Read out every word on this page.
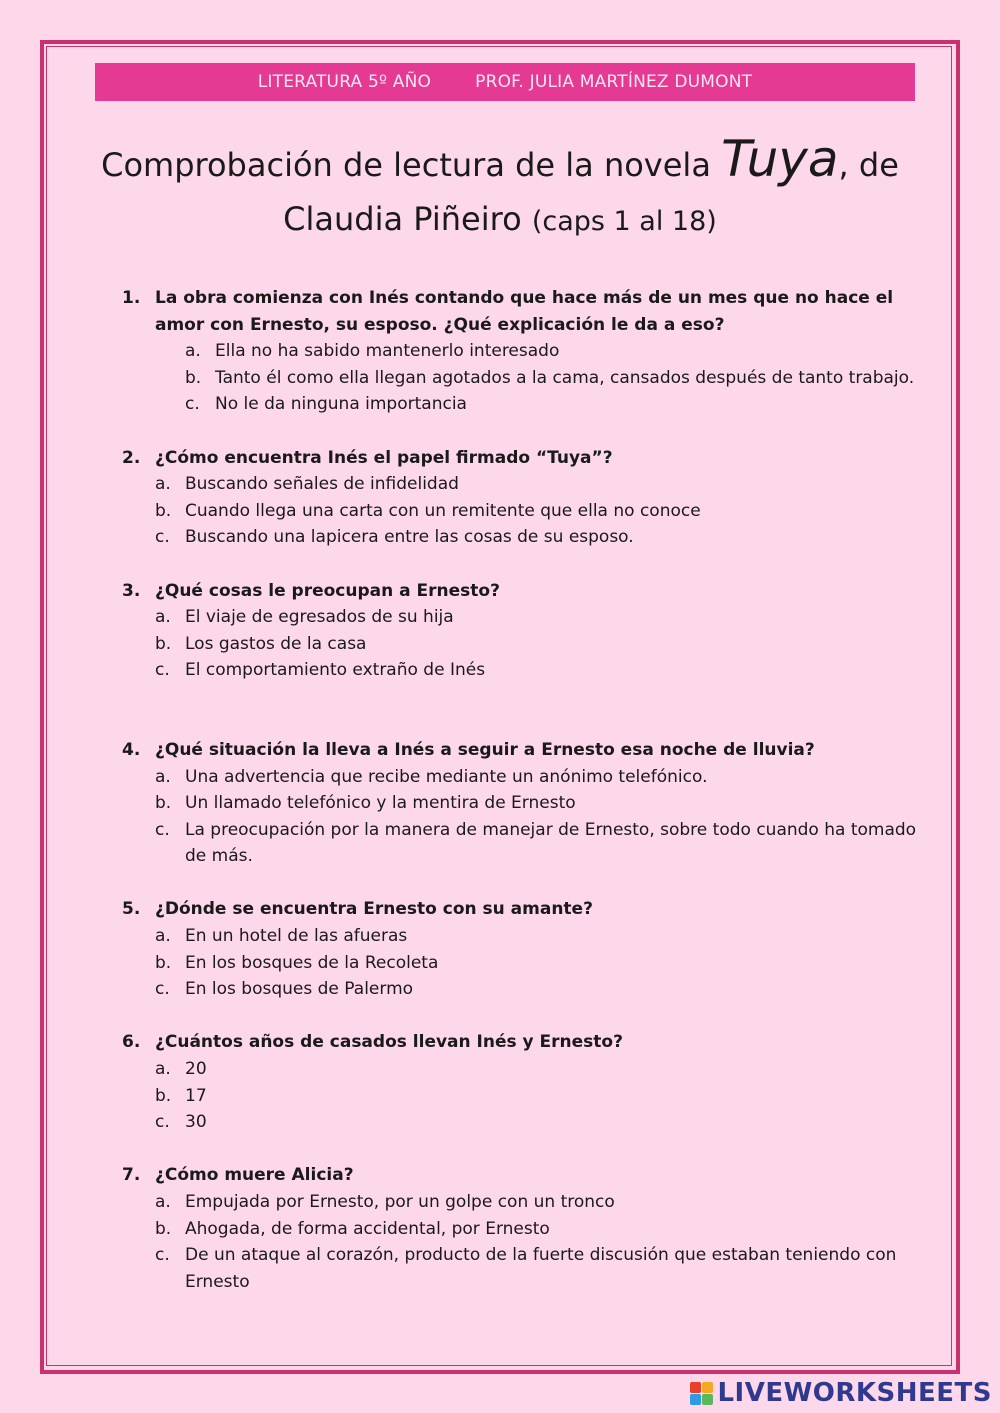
LITERATURA 5º AÑO	PROF. JULIA MARTÍNEZ DUMONT
Comprobación de lectura de la novela Tuya, de
Claudia Piñeiro (caps 1 al 18)
1. La obra comienza con Inés contando que hace más de un mes que no hace el amor con Ernesto, su esposo. ¿Qué explicación le da a eso?
a. Ella no ha sabido mantenerlo interesado
b. Tanto él como ella llegan agotados a la cama, cansados después de tanto trabajo.
c. No le da ninguna importancia
2. ¿Cómo encuentra Inés el papel firmado “Tuya”?
a. Buscando señales de infidelidad
b. Cuando llega una carta con un remitente que ella no conoce
c. Buscando una lapicera entre las cosas de su esposo.
3. ¿Qué cosas le preocupan a Ernesto?
a. El viaje de egresados de su hija
b. Los gastos de la casa
c. El comportamiento extraño de Inés
4. ¿Qué situación la lleva a Inés a seguir a Ernesto esa noche de lluvia?
a. Una advertencia que recibe mediante un anónimo telefónico.
b. Un llamado telefónico y la mentira de Ernesto
c. La preocupación por la manera de manejar de Ernesto, sobre todo cuando ha tomado de más.
5. ¿Dónde se encuentra Ernesto con su amante?
a. En un hotel de las afueras
b. En los bosques de la Recoleta
c. En los bosques de Palermo
6. ¿Cuántos años de casados llevan Inés y Ernesto?
a. 20
b. 17
c. 30
7. ¿Cómo muere Alicia?
a. Empujada por Ernesto, por un golpe con un tronco
b. Ahogada, de forma accidental, por Ernesto
c. De un ataque al corazón, producto de la fuerte discusión que estaban teniendo con Ernesto
LIVEWORKSHEETS
